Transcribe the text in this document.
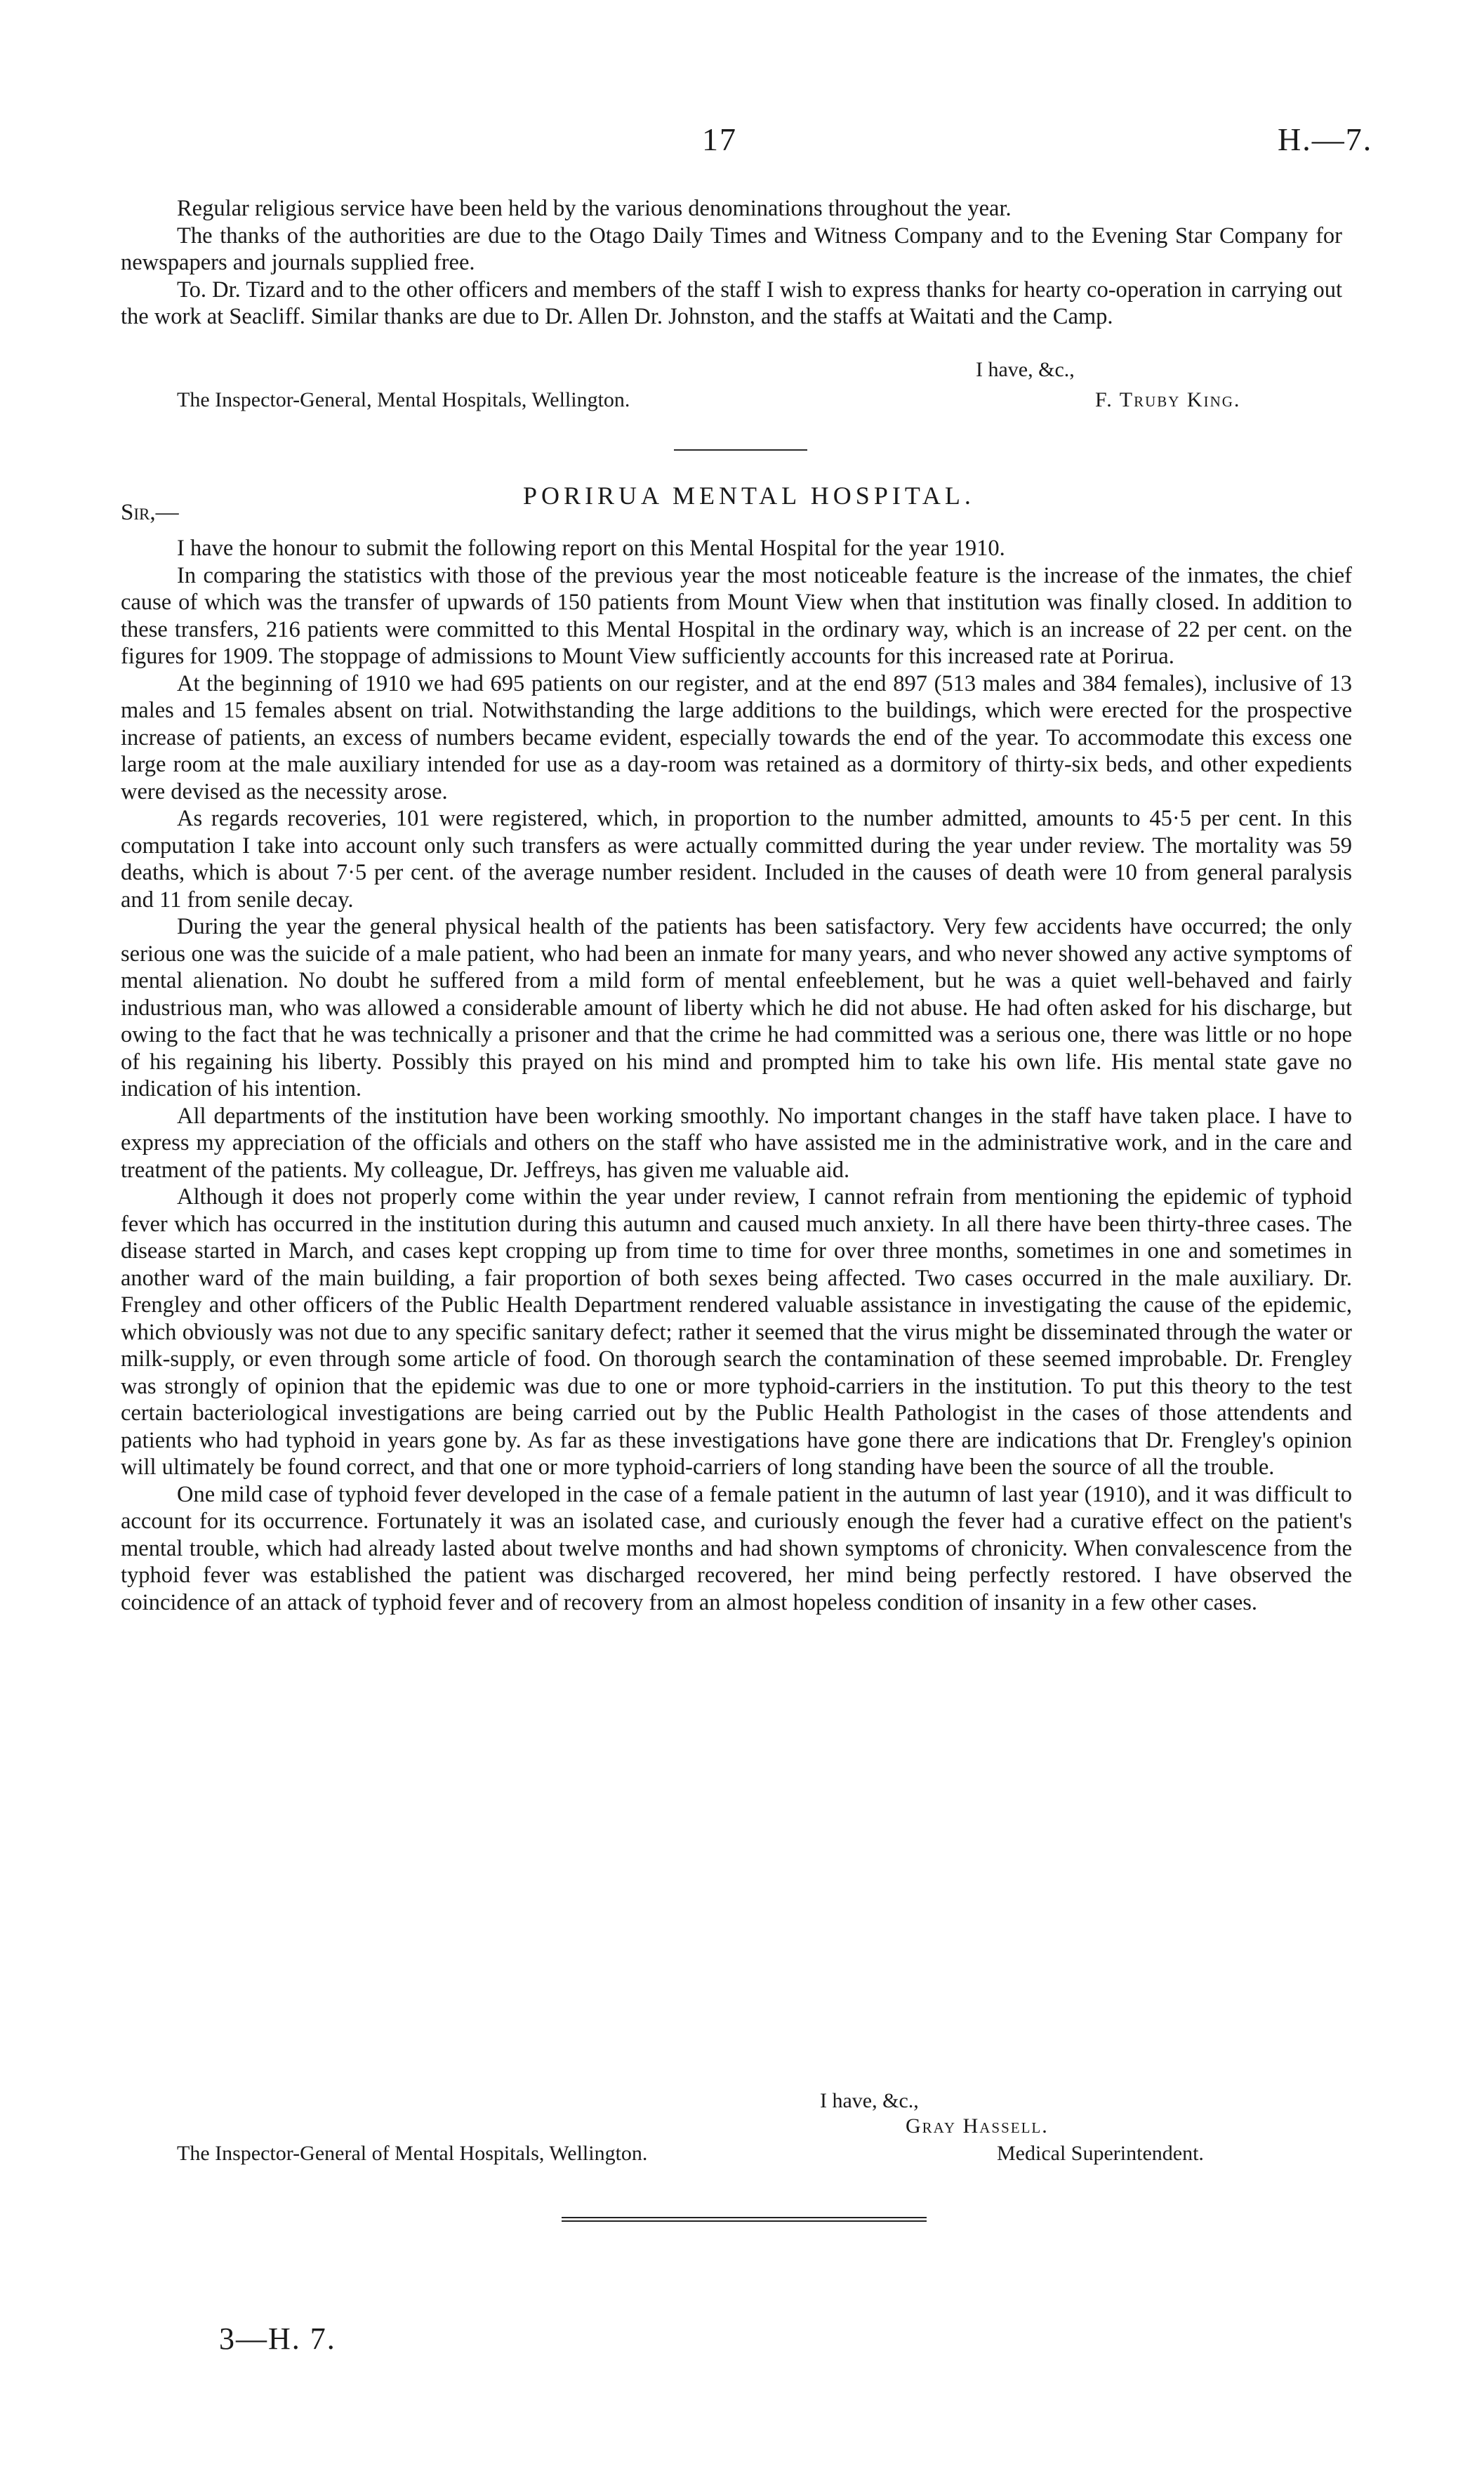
17	H.—7.

Regular religious service have been held by the various denominations throughout the year.

The thanks of the authorities are due to the Otago Daily Times and Witness Company and to the Evening Star Company for newspapers and journals supplied free.

To. Dr. Tizard and to the other officers and members of the staff I wish to express thanks for hearty co-operation in carrying out the work at Seacliff. Similar thanks are due to Dr. Allen Dr. Johnston, and the staffs at Waitati and the Camp.

I have, &c.,
The Inspector-General, Mental Hospitals, Wellington.	F. Truby King.
PORIRUA MENTAL HOSPITAL.
Sir,—

I have the honour to submit the following report on this Mental Hospital for the year 1910.

In comparing the statistics with those of the previous year the most noticeable feature is the increase of the inmates, the chief cause of which was the transfer of upwards of 150 patients from Mount View when that institution was finally closed. In addition to these transfers, 216 patients were committed to this Mental Hospital in the ordinary way, which is an increase of 22 per cent. on the figures for 1909. The stoppage of admissions to Mount View sufficiently accounts for this increased rate at Porirua.

At the beginning of 1910 we had 695 patients on our register, and at the end 897 (513 males and 384 females), inclusive of 13 males and 15 females absent on trial. Notwithstanding the large additions to the buildings, which were erected for the prospective increase of patients, an excess of numbers became evident, especially towards the end of the year. To accommodate this excess one large room at the male auxiliary intended for use as a day-room was retained as a dormitory of thirty-six beds, and other expedients were devised as the necessity arose.

As regards recoveries, 101 were registered, which, in proportion to the number admitted, amounts to 45·5 per cent. In this computation I take into account only such transfers as were actually committed during the year under review. The mortality was 59 deaths, which is about 7·5 per cent. of the average number resident. Included in the causes of death were 10 from general paralysis and 11 from senile decay.

During the year the general physical health of the patients has been satisfactory. Very few accidents have occurred; the only serious one was the suicide of a male patient, who had been an inmate for many years, and who never showed any active symptoms of mental alienation. No doubt he suffered from a mild form of mental enfeeblement, but he was a quiet well-behaved and fairly industrious man, who was allowed a considerable amount of liberty which he did not abuse. He had often asked for his discharge, but owing to the fact that he was technically a prisoner and that the crime he had committed was a serious one, there was little or no hope of his regaining his liberty. Possibly this prayed on his mind and prompted him to take his own life. His mental state gave no indication of his intention.

All departments of the institution have been working smoothly. No important changes in the staff have taken place. I have to express my appreciation of the officials and others on the staff who have assisted me in the administrative work, and in the care and treatment of the patients. My colleague, Dr. Jeffreys, has given me valuable aid.

Although it does not properly come within the year under review, I cannot refrain from mentioning the epidemic of typhoid fever which has occurred in the institution during this autumn and caused much anxiety. In all there have been thirty-three cases. The disease started in March, and cases kept cropping up from time to time for over three months, sometimes in one and sometimes in another ward of the main building, a fair proportion of both sexes being affected. Two cases occurred in the male auxiliary. Dr. Frengley and other officers of the Public Health Department rendered valuable assistance in investigating the cause of the epidemic, which obviously was not due to any specific sanitary defect; rather it seemed that the virus might be disseminated through the water or milk-supply, or even through some article of food. On thorough search the contamination of these seemed improbable. Dr. Frengley was strongly of opinion that the epidemic was due to one or more typhoid-carriers in the institution. To put this theory to the test certain bacteriological investigations are being carried out by the Public Health Pathologist in the cases of those attendents and patients who had typhoid in years gone by. As far as these investigations have gone there are indications that Dr. Frengley's opinion will ultimately be found correct, and that one or more typhoid-carriers of long standing have been the source of all the trouble.

One mild case of typhoid fever developed in the case of a female patient in the autumn of last year (1910), and it was difficult to account for its occurrence. Fortunately it was an isolated case, and curiously enough the fever had a curative effect on the patient's mental trouble, which had already lasted about twelve months and had shown symptoms of chronicity. When convalescence from the typhoid fever was established the patient was discharged recovered, her mind being perfectly restored. I have observed the coincidence of an attack of typhoid fever and of recovery from an almost hopeless condition of insanity in a few other cases.

I have, &c.,
Gray Hassell.
The Inspector-General of Mental Hospitals, Wellington.	Medical Superintendent.
3—H. 7.
